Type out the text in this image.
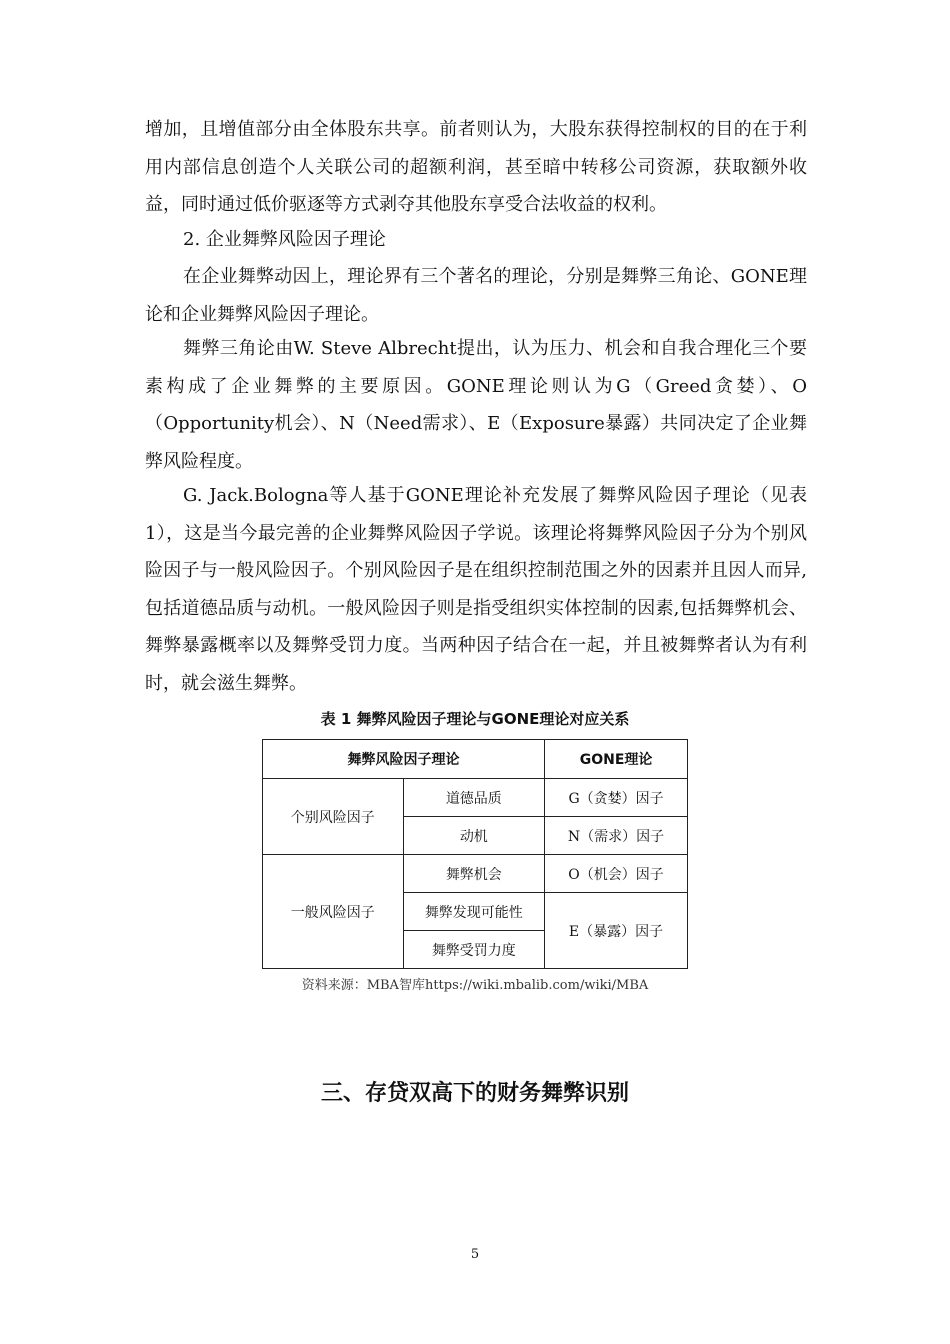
增加，且增值部分由全体股东共享。前者则认为，大股东获得控制权的目的在于利用内部信息创造个人关联公司的超额利润，甚至暗中转移公司资源，获取额外收益，同时通过低价驱逐等方式剥夺其他股东享受合法收益的权利。

2. 企业舞弊风险因子理论

在企业舞弊动因上，理论界有三个著名的理论，分别是舞弊三角论、GONE理论和企业舞弊风险因子理论。

舞弊三角论由W. Steve Albrecht提出，认为压力、机会和自我合理化三个要素构成了企业舞弊的主要原因。GONE理论则认为G（Greed贪婪）、O（Opportunity机会）、N（Need需求）、E（Exposure暴露）共同决定了企业舞弊风险程度。

G. Jack.Bologna等人基于GONE理论补充发展了舞弊风险因子理论（见表1），这是当今最完善的企业舞弊风险因子学说。该理论将舞弊风险因子分为个别风险因子与一般风险因子。个别风险因子是在组织控制范围之外的因素并且因人而异,包括道德品质与动机。一般风险因子则是指受组织实体控制的因素,包括舞弊机会、舞弊暴露概率以及舞弊受罚力度。当两种因子结合在一起，并且被舞弊者认为有利时，就会滋生舞弊。

表 1 舞弊风险因子理论与GONE理论对应关系
舞弊风险因子理论		GONE理论
个别风险因子	道德品质	G（贪婪）因子
	动机	N（需求）因子
一般风险因子	舞弊机会	O（机会）因子
	舞弊发现可能性	E（暴露）因子
	舞弊受罚力度	
资料来源：MBA智库https://wiki.mbalib.com/wiki/MBA
三、存贷双高下的财务舞弊识别
5
